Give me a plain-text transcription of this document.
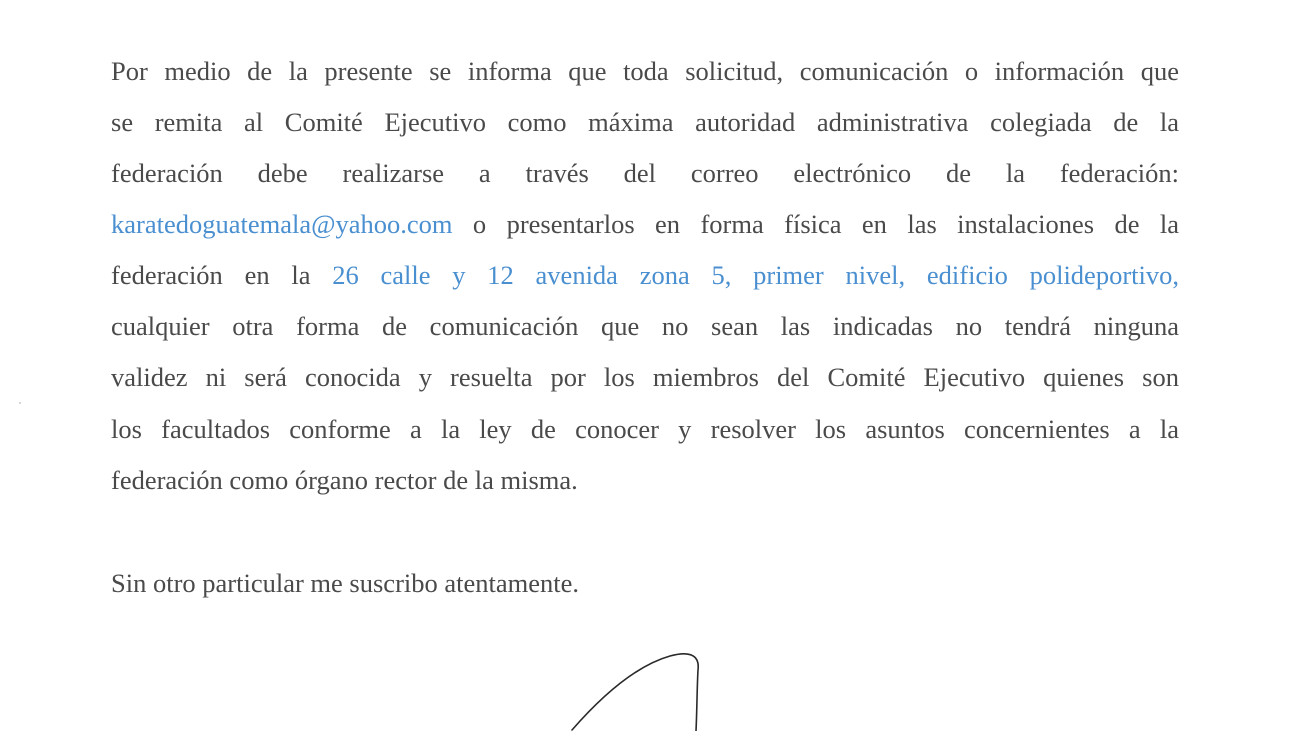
Por medio de la presente se informa que toda solicitud, comunicación o información que
se remita al Comité Ejecutivo como máxima autoridad administrativa colegiada de la
federación debe realizarse a través del correo electrónico de la federación:
karatedoguatemala@yahoo.com o presentarlos en forma física en las instalaciones de la
federación en la 26 calle y 12 avenida zona 5, primer nivel, edificio polideportivo,
cualquier otra forma de comunicación que no sean las indicadas no tendrá ninguna
validez ni será conocida y resuelta por los miembros del Comité Ejecutivo quienes son
los facultados conforme a la ley de conocer y resolver los asuntos concernientes a la
federación como órgano rector de la misma.
Sin otro particular me suscribo atentamente.
